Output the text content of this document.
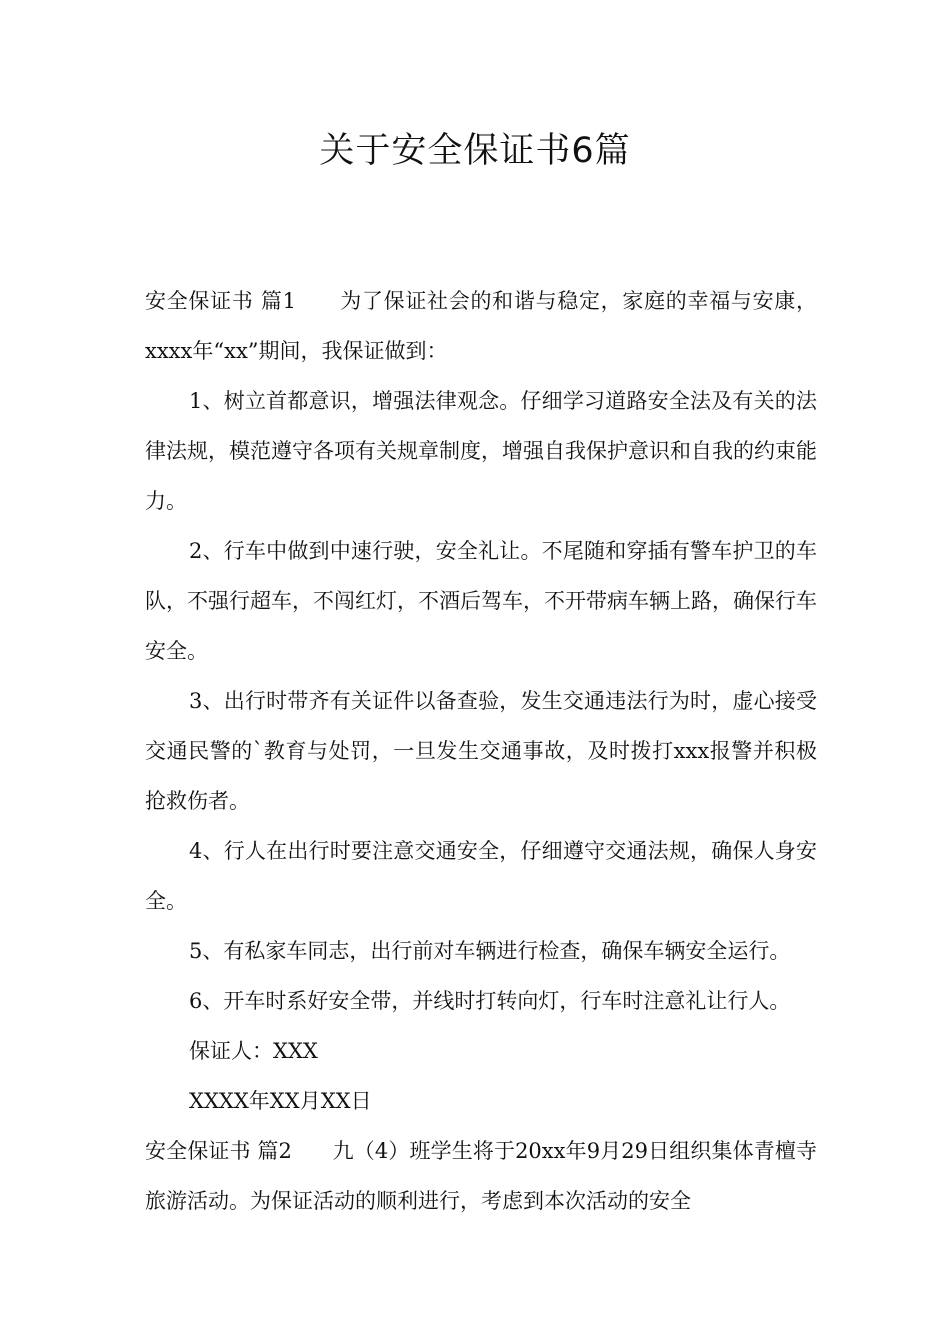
关于安全保证书6篇

安全保证书 篇1 为了保证社会的和谐与稳定，家庭的幸福与安康，xxxx年“xx”期间，我保证做到：

1、树立首都意识，增强法律观念。仔细学习道路安全法及有关的法律法规，模范遵守各项有关规章制度，增强自我保护意识和自我的约束能力。

2、行车中做到中速行驶，安全礼让。不尾随和穿插有警车护卫的车队，不强行超车，不闯红灯，不酒后驾车，不开带病车辆上路，确保行车安全。

3、出行时带齐有关证件以备查验，发生交通违法行为时，虚心接受交通民警的`教育与处罚，一旦发生交通事故，及时拨打xxx报警并积极抢救伤者。

4、行人在出行时要注意交通安全，仔细遵守交通法规，确保人身安全。

5、有私家车同志，出行前对车辆进行检查，确保车辆安全运行。

6、开车时系好安全带，并线时打转向灯，行车时注意礼让行人。

保证人：XXX

XXXX年XX月XX日

安全保证书 篇2 九（4）班学生将于20xx年9月29日组织集体青檀寺旅游活动。为保证活动的顺利进行，考虑到本次活动的安全
